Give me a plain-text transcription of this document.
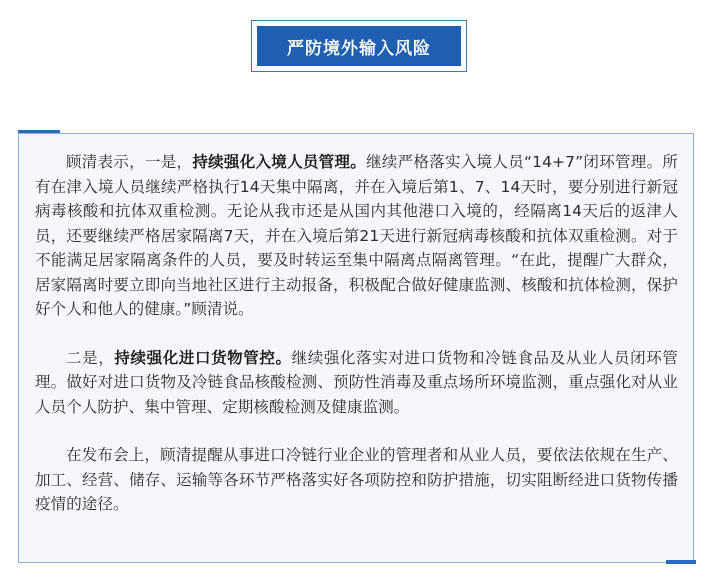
严防境外输入风险

顾清表示，一是，持续强化入境人员管理。继续严格落实入境人员“14+7”闭环管理。所有在津入境人员继续严格执行14天集中隔离，并在入境后第1、7、14天时，要分别进行新冠病毒核酸和抗体双重检测。无论从我市还是从国内其他港口入境的，经隔离14天后的返津人员，还要继续严格居家隔离7天，并在入境后第21天进行新冠病毒核酸和抗体双重检测。对于不能满足居家隔离条件的人员，要及时转运至集中隔离点隔离管理。“在此，提醒广大群众，居家隔离时要立即向当地社区进行主动报备，积极配合做好健康监测、核酸和抗体检测，保护好个人和他人的健康。”顾清说。

二是，持续强化进口货物管控。继续强化落实对进口货物和冷链食品及从业人员闭环管理。做好对进口货物及冷链食品核酸检测、预防性消毒及重点场所环境监测，重点强化对从业人员个人防护、集中管理、定期核酸检测及健康监测。

在发布会上，顾清提醒从事进口冷链行业企业的管理者和从业人员，要依法依规在生产、加工、经营、储存、运输等各环节严格落实好各项防控和防护措施，切实阻断经进口货物传播疫情的途径。
